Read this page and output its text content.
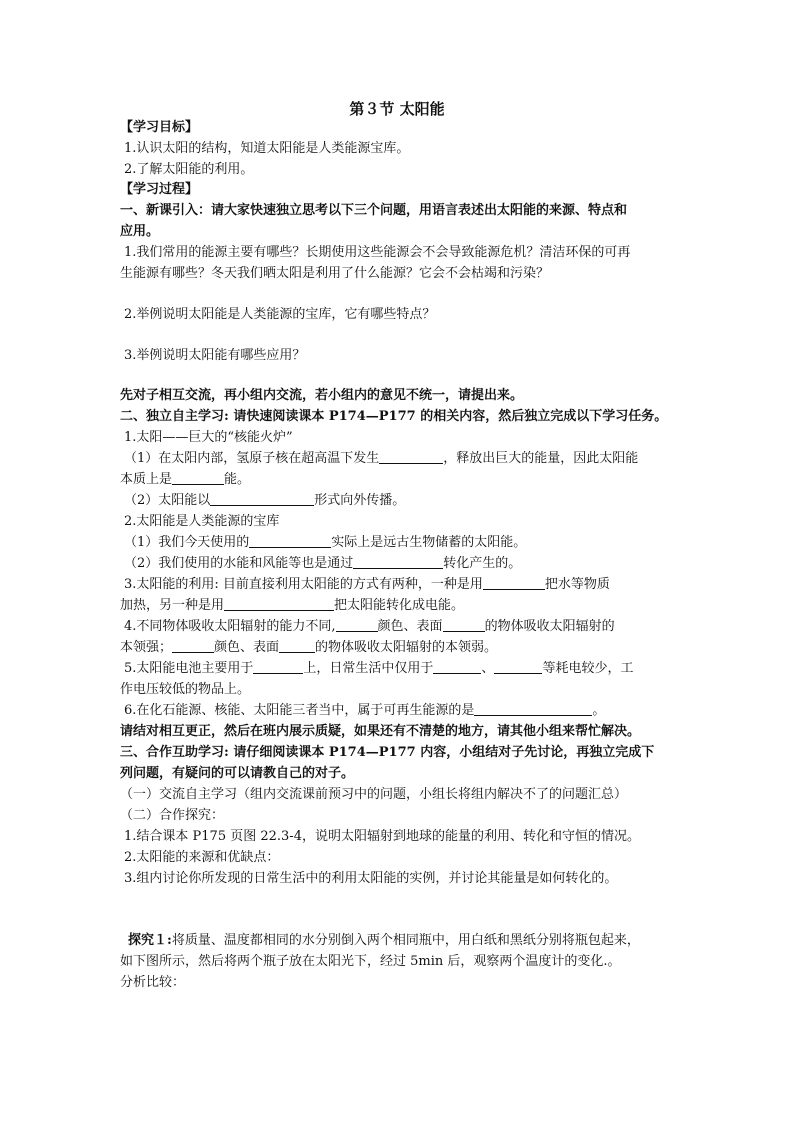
第３节 太阳能
【学习目标】
1.认识太阳的结构，知道太阳能是人类能源宝库。
2.了解太阳能的利用。
【学习过程】
一、新课引入：请大家快速独立思考以下三个问题，用语言表述出太阳能的来源、特点和
应用。
1.我们常用的能源主要有哪些？长期使用这些能源会不会导致能源危机？清洁环保的可再
生能源有哪些？冬天我们晒太阳是利用了什么能源？它会不会枯竭和污染？
2.举例说明太阳能是人类能源的宝库，它有哪些特点？
3.举例说明太阳能有哪些应用？
先对子相互交流，再小组内交流，若小组内的意见不统一，请提出来。
二、独立自主学习: 请快速阅读课本 P174—P177 的相关内容，然后独立完成以下学习任务。
1.太阳——巨大的“核能火炉”
（1）在太阳内部，氢原子核在超高温下发生	，释放出巨大的能量，因此太阳能
本质上是	能。
（2）太阳能以	形式向外传播。
2.太阳能是人类能源的宝库
（1）我们今天使用的	实际上是远古生物储蓄的太阳能。
（2）我们使用的水能和风能等也是通过	转化产生的。
3.太阳能的利用: 目前直接利用太阳能的方式有两种，一种是用	把水等物质
加热，另一种是用	把太阳能转化成电能。
4.不同物体吸收太阳辐射的能力不同,	颜色、表面	的物体吸收太阳辐射的
本领强；	颜色、表面	的物体吸收太阳辐射的本领弱。
5.太阳能电池主要用于	上，日常生活中仅用于	、	等耗电较少，工
作电压较低的物品上。
6.在化石能源、核能、太阳能三者当中，属于可再生能源的是	。
请结对相互更正，然后在班内展示质疑，如果还有不清楚的地方，请其他小组来帮忙解决。
三、合作互助学习: 请仔细阅读课本 P174—P177 内容，小组结对子先讨论，再独立完成下
列问题，有疑问的可以请教自己的对子。
（一）交流自主学习（组内交流课前预习中的问题，小组长将组内解决不了的问题汇总）
（二）合作探究：
1.结合课本 P175 页图 22.3-4，说明太阳辐射到地球的能量的利用、转化和守恒的情况。
2.太阳能的来源和优缺点：
3.组内讨论你所发现的日常生活中的利用太阳能的实例，并讨论其能量是如何转化的。
探究１:将质量、温度都相同的水分别倒入两个相同瓶中，用白纸和黑纸分别将瓶包起来，
如下图所示，然后将两个瓶子放在太阳光下，经过 5min 后，观察两个温度计的变化.。
分析比较：
